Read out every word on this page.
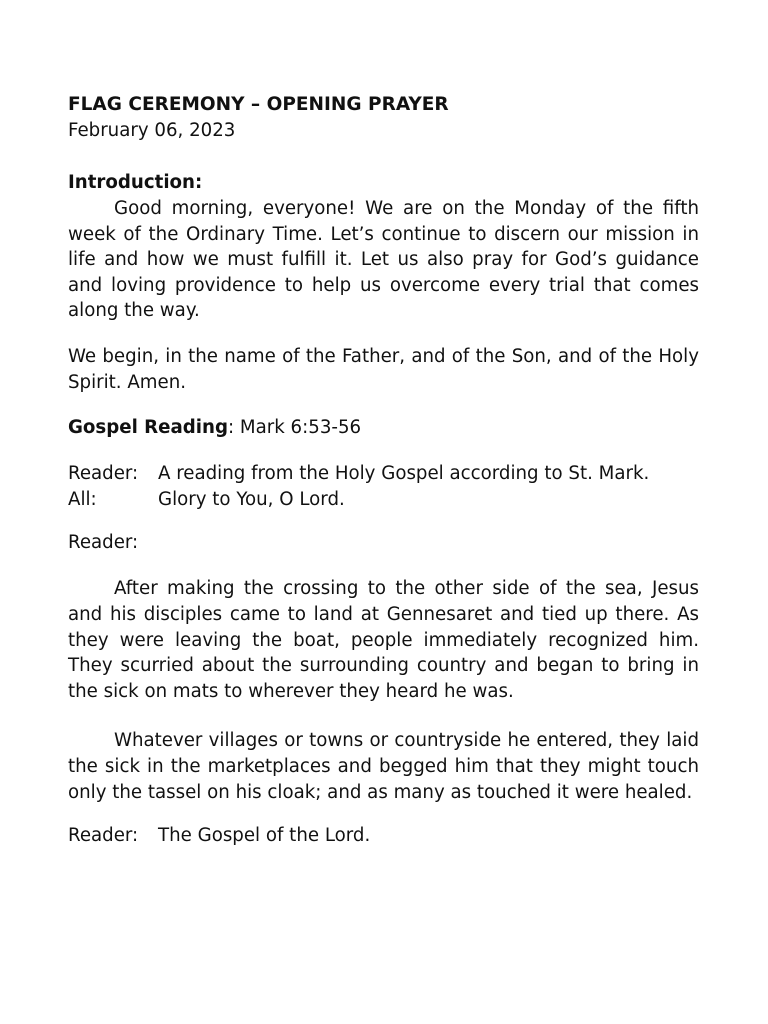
FLAG CEREMONY – OPENING PRAYER

February 06, 2023

Introduction:

Good morning, everyone! We are on the Monday of the fifth week of the Ordinary Time. Let’s continue to discern our mission in life and how we must fulfill it. Let us also pray for God’s guidance and loving providence to help us overcome every trial that comes along the way.

We begin, in the name of the Father, and of the Son, and of the Holy Spirit. Amen.

Gospel Reading: Mark 6:53-56

Reader:	A reading from the Holy Gospel according to St. Mark.
All:	Glory to You, O Lord.

Reader:

After making the crossing to the other side of the sea, Jesus and his disciples came to land at Gennesaret and tied up there. As they were leaving the boat, people immediately recognized him. They scurried about the surrounding country and began to bring in the sick on mats to wherever they heard he was.

Whatever villages or towns or countryside he entered, they laid the sick in the marketplaces and begged him that they might touch only the tassel on his cloak; and as many as touched it were healed.

Reader:	The Gospel of the Lord.
